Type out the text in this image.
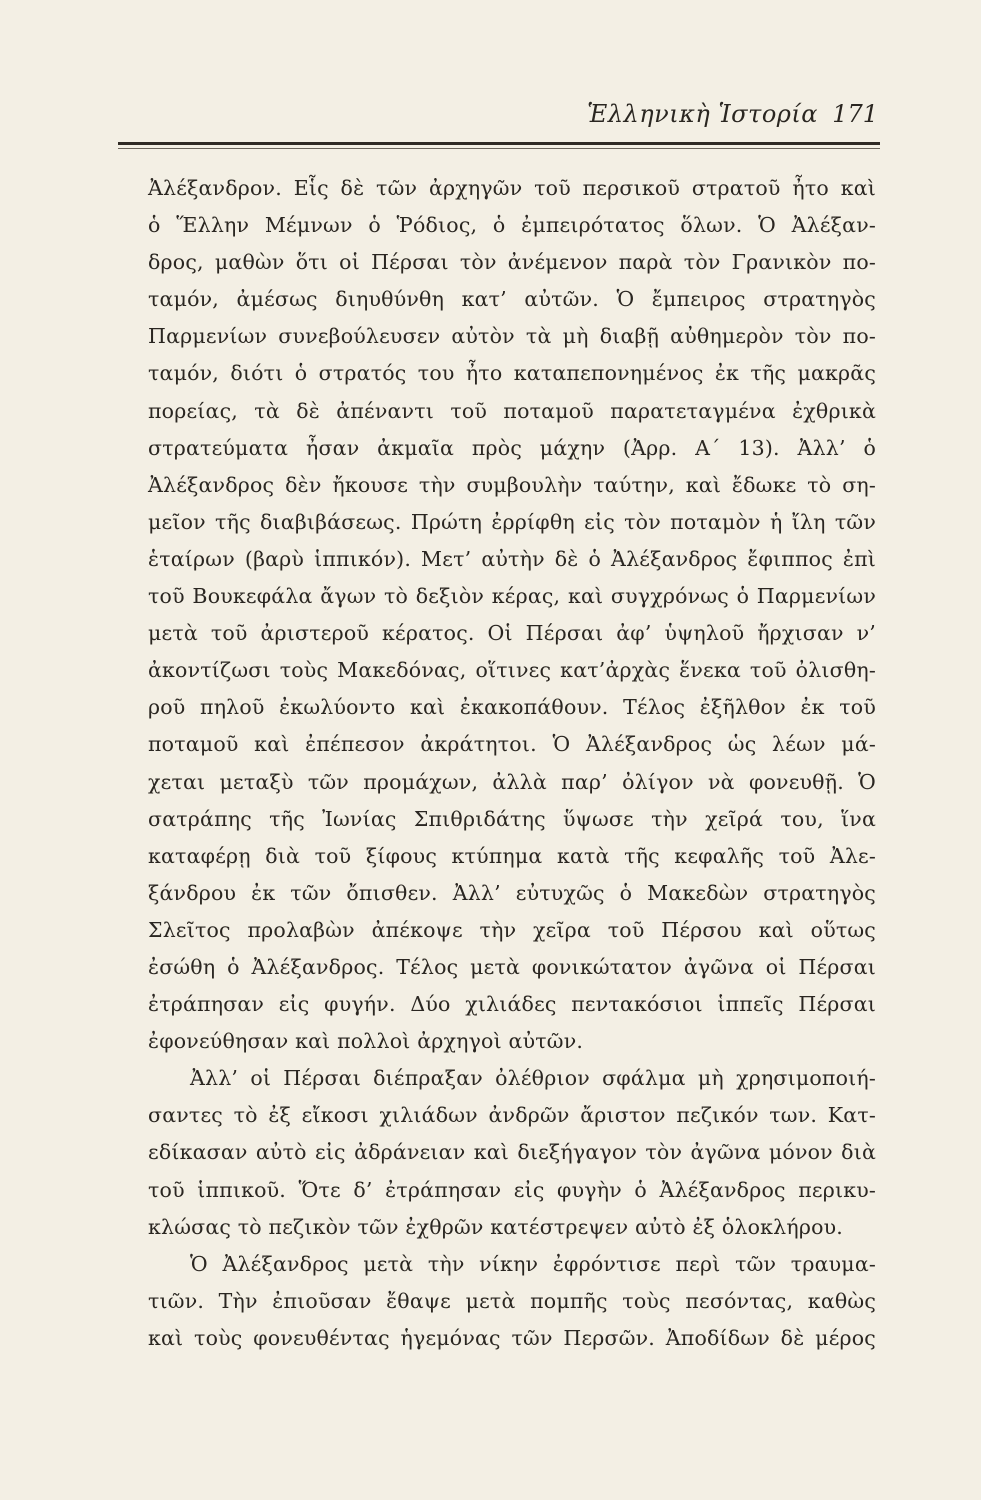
Ἑλληνικὴ Ἱστορία 171
Ἀλέξανδρον. Εἷς δὲ τῶν ἀρχηγῶν τοῦ περσικοῦ στρατοῦ ἦτο καὶ
ὁ Ἕλλην Μέμνων ὁ Ῥόδιος, ὁ ἐμπειρότατος ὅλων. Ὁ Ἀλέξαν-
δρος, μαθὼν ὅτι οἱ Πέρσαι τὸν ἀνέμενον παρὰ τὸν Γρανικὸν πο-
ταμόν, ἀμέσως διηυθύνθη κατ’ αὐτῶν. Ὁ ἔμπειρος στρατηγὸς
Παρμενίων συνεβούλευσεν αὐτὸν τὰ μὴ διαβῇ αὐθημερὸν τὸν πο-
ταμόν, διότι ὁ στρατός του ἦτο καταπεπονημένος ἐκ τῆς μακρᾶς
πορείας, τὰ δὲ ἀπέναντι τοῦ ποταμοῦ παρατεταγμένα ἐχθρικὰ
στρατεύματα ἦσαν ἀκμαῖα πρὸς μάχην (Ἀρρ. Α΄ 13). Ἀλλ’ ὁ
Ἀλέξανδρος δὲν ἤκουσε τὴν συμβουλὴν ταύτην, καὶ ἔδωκε τὸ ση-
μεῖον τῆς διαβιβάσεως. Πρώτη ἐρρίφθη εἰς τὸν ποταμὸν ἡ ἴλη τῶν
ἑταίρων (βαρὺ ἱππικόν). Μετ’ αὐτὴν δὲ ὁ Ἀλέξανδρος ἔφιππος ἐπὶ
τοῦ Βουκεφάλα ἄγων τὸ δεξιὸν κέρας, καὶ συγχρόνως ὁ Παρμενίων
μετὰ τοῦ ἀριστεροῦ κέρατος. Οἱ Πέρσαι ἀφ’ ὑψηλοῦ ἤρχισαν ν’
ἀκοντίζωσι τοὺς Μακεδόνας, οἵτινες κατ’ἀρχὰς ἕνεκα τοῦ ὀλισθη-
ροῦ πηλοῦ ἐκωλύοντο καὶ ἐκακοπάθουν. Τέλος ἐξῆλθον ἐκ τοῦ
ποταμοῦ καὶ ἐπέπεσον ἀκράτητοι. Ὁ Ἀλέξανδρος ὡς λέων μά-
χεται μεταξὺ τῶν προμάχων, ἀλλὰ παρ’ ὀλίγον νὰ φονευθῇ. Ὁ
σατράπης τῆς Ἰωνίας Σπιθριδάτης ὕψωσε τὴν χεῖρά του, ἵνα
καταφέρῃ διὰ τοῦ ξίφους κτύπημα κατὰ τῆς κεφαλῆς τοῦ Ἀλε-
ξάνδρου ἐκ τῶν ὄπισθεν. Ἀλλ’ εὐτυχῶς ὁ Μακεδὼν στρατηγὸς
Σλεῖτος προλαβὼν ἀπέκοψε τὴν χεῖρα τοῦ Πέρσου καὶ οὕτως
ἐσώθη ὁ Ἀλέξανδρος. Τέλος μετὰ φονικώτατον ἀγῶνα οἱ Πέρσαι
ἐτράπησαν εἰς φυγήν. Δύο χιλιάδες πεντακόσιοι ἱππεῖς Πέρσαι
ἐφονεύθησαν καὶ πολλοὶ ἀρχηγοὶ αὐτῶν.
Ἀλλ’ οἱ Πέρσαι διέπραξαν ὀλέθριον σφάλμα μὴ χρησιμοποιή-
σαντες τὸ ἐξ εἴκοσι χιλιάδων ἀνδρῶν ἄριστον πεζικόν των. Κατ-
εδίκασαν αὐτὸ εἰς ἀδράνειαν καὶ διεξήγαγον τὸν ἀγῶνα μόνον διὰ
τοῦ ἱππικοῦ. Ὅτε δ’ ἐτράπησαν εἰς φυγὴν ὁ Ἀλέξανδρος περικυ-
κλώσας τὸ πεζικὸν τῶν ἐχθρῶν κατέστρεψεν αὐτὸ ἐξ ὁλοκλήρου.
Ὁ Ἀλέξανδρος μετὰ τὴν νίκην ἐφρόντισε περὶ τῶν τραυμα-
τιῶν. Τὴν ἐπιοῦσαν ἔθαψε μετὰ πομπῆς τοὺς πεσόντας, καθὼς
καὶ τοὺς φονευθέντας ἡγεμόνας τῶν Περσῶν. Ἀποδίδων δὲ μέρος
